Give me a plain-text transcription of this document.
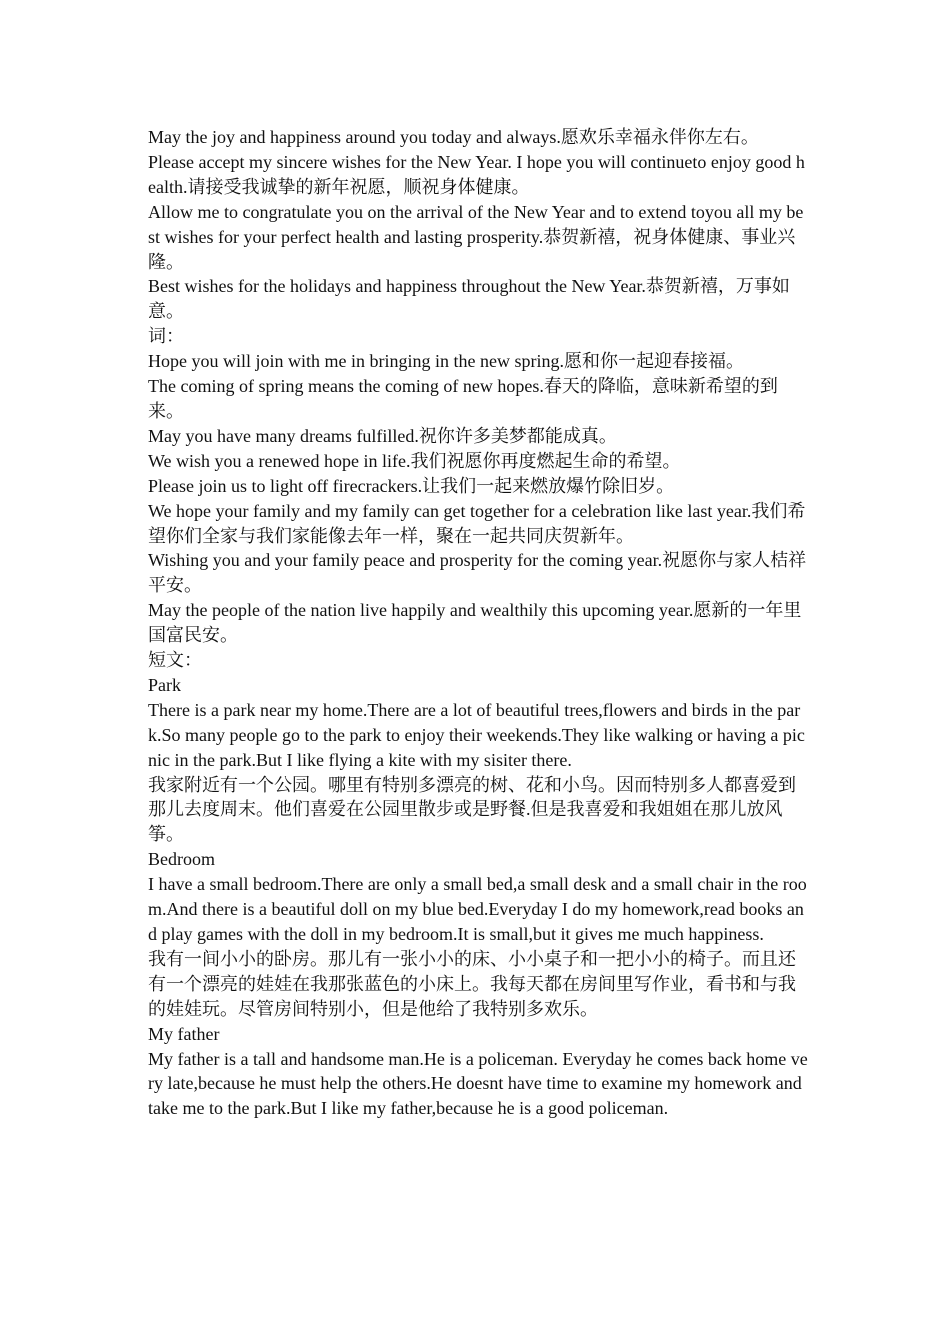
May the joy and happiness around you today and always.愿欢乐幸福永伴你左右。

Please accept my sincere wishes for the New Year. I hope you will continueto enjoy good health.请接受我诚挚的新年祝愿，顺祝身体健康。

Allow me to congratulate you on the arrival of the New Year and to extend toyou all my best wishes for your perfect health and lasting prosperity.恭贺新禧，祝身体健康、事业兴隆。

Best wishes for the holidays and happiness throughout the New Year.恭贺新禧，万事如意。

词：

Hope you will join with me in bringing in the new spring.愿和你一起迎春接福。

The coming of spring means the coming of new hopes.春天的降临，意味新希望的到来。

May you have many dreams fulfilled.祝你许多美梦都能成真。

We wish you a renewed hope in life.我们祝愿你再度燃起生命的希望。

Please join us to light off firecrackers.让我们一起来燃放爆竹除旧岁。

We hope your family and my family can get together for a celebration like last year.我们希望你们全家与我们家能像去年一样，聚在一起共同庆贺新年。

Wishing you and your family peace and prosperity for the coming year.祝愿你与家人桔祥平安。

May the people of the nation live happily and wealthily this upcoming year.愿新的一年里国富民安。

短文：

Park

There is a park near my home.There are a lot of beautiful trees,flowers and birds in the park.So many people go to the park to enjoy their weekends.They like walking or having a picnic in the park.But I like flying a kite with my sisiter there.

我家附近有一个公园。哪里有特别多漂亮的树、花和小鸟。因而特别多人都喜爱到那儿去度周末。他们喜爱在公园里散步或是野餐.但是我喜爱和我姐姐在那儿放风筝。

Bedroom

I have a small bedroom.There are only a small bed,a small desk and a small chair in the room.And there is a beautiful doll on my blue bed.Everyday I do my homework,read books and play games with the doll in my bedroom.It is small,but it gives me much happiness.

我有一间小小的卧房。那儿有一张小小的床、小小桌子和一把小小的椅子。而且还有一个漂亮的娃娃在我那张蓝色的小床上。我每天都在房间里写作业，看书和与我的娃娃玩。尽管房间特别小，但是他给了我特别多欢乐。

My father

My father is a tall and handsome man.He is a policeman. Everyday he comes back home very late,because he must help the others.He doesnt have time to examine my homework and take me to the park.But I like my father,because he is a good policeman.
